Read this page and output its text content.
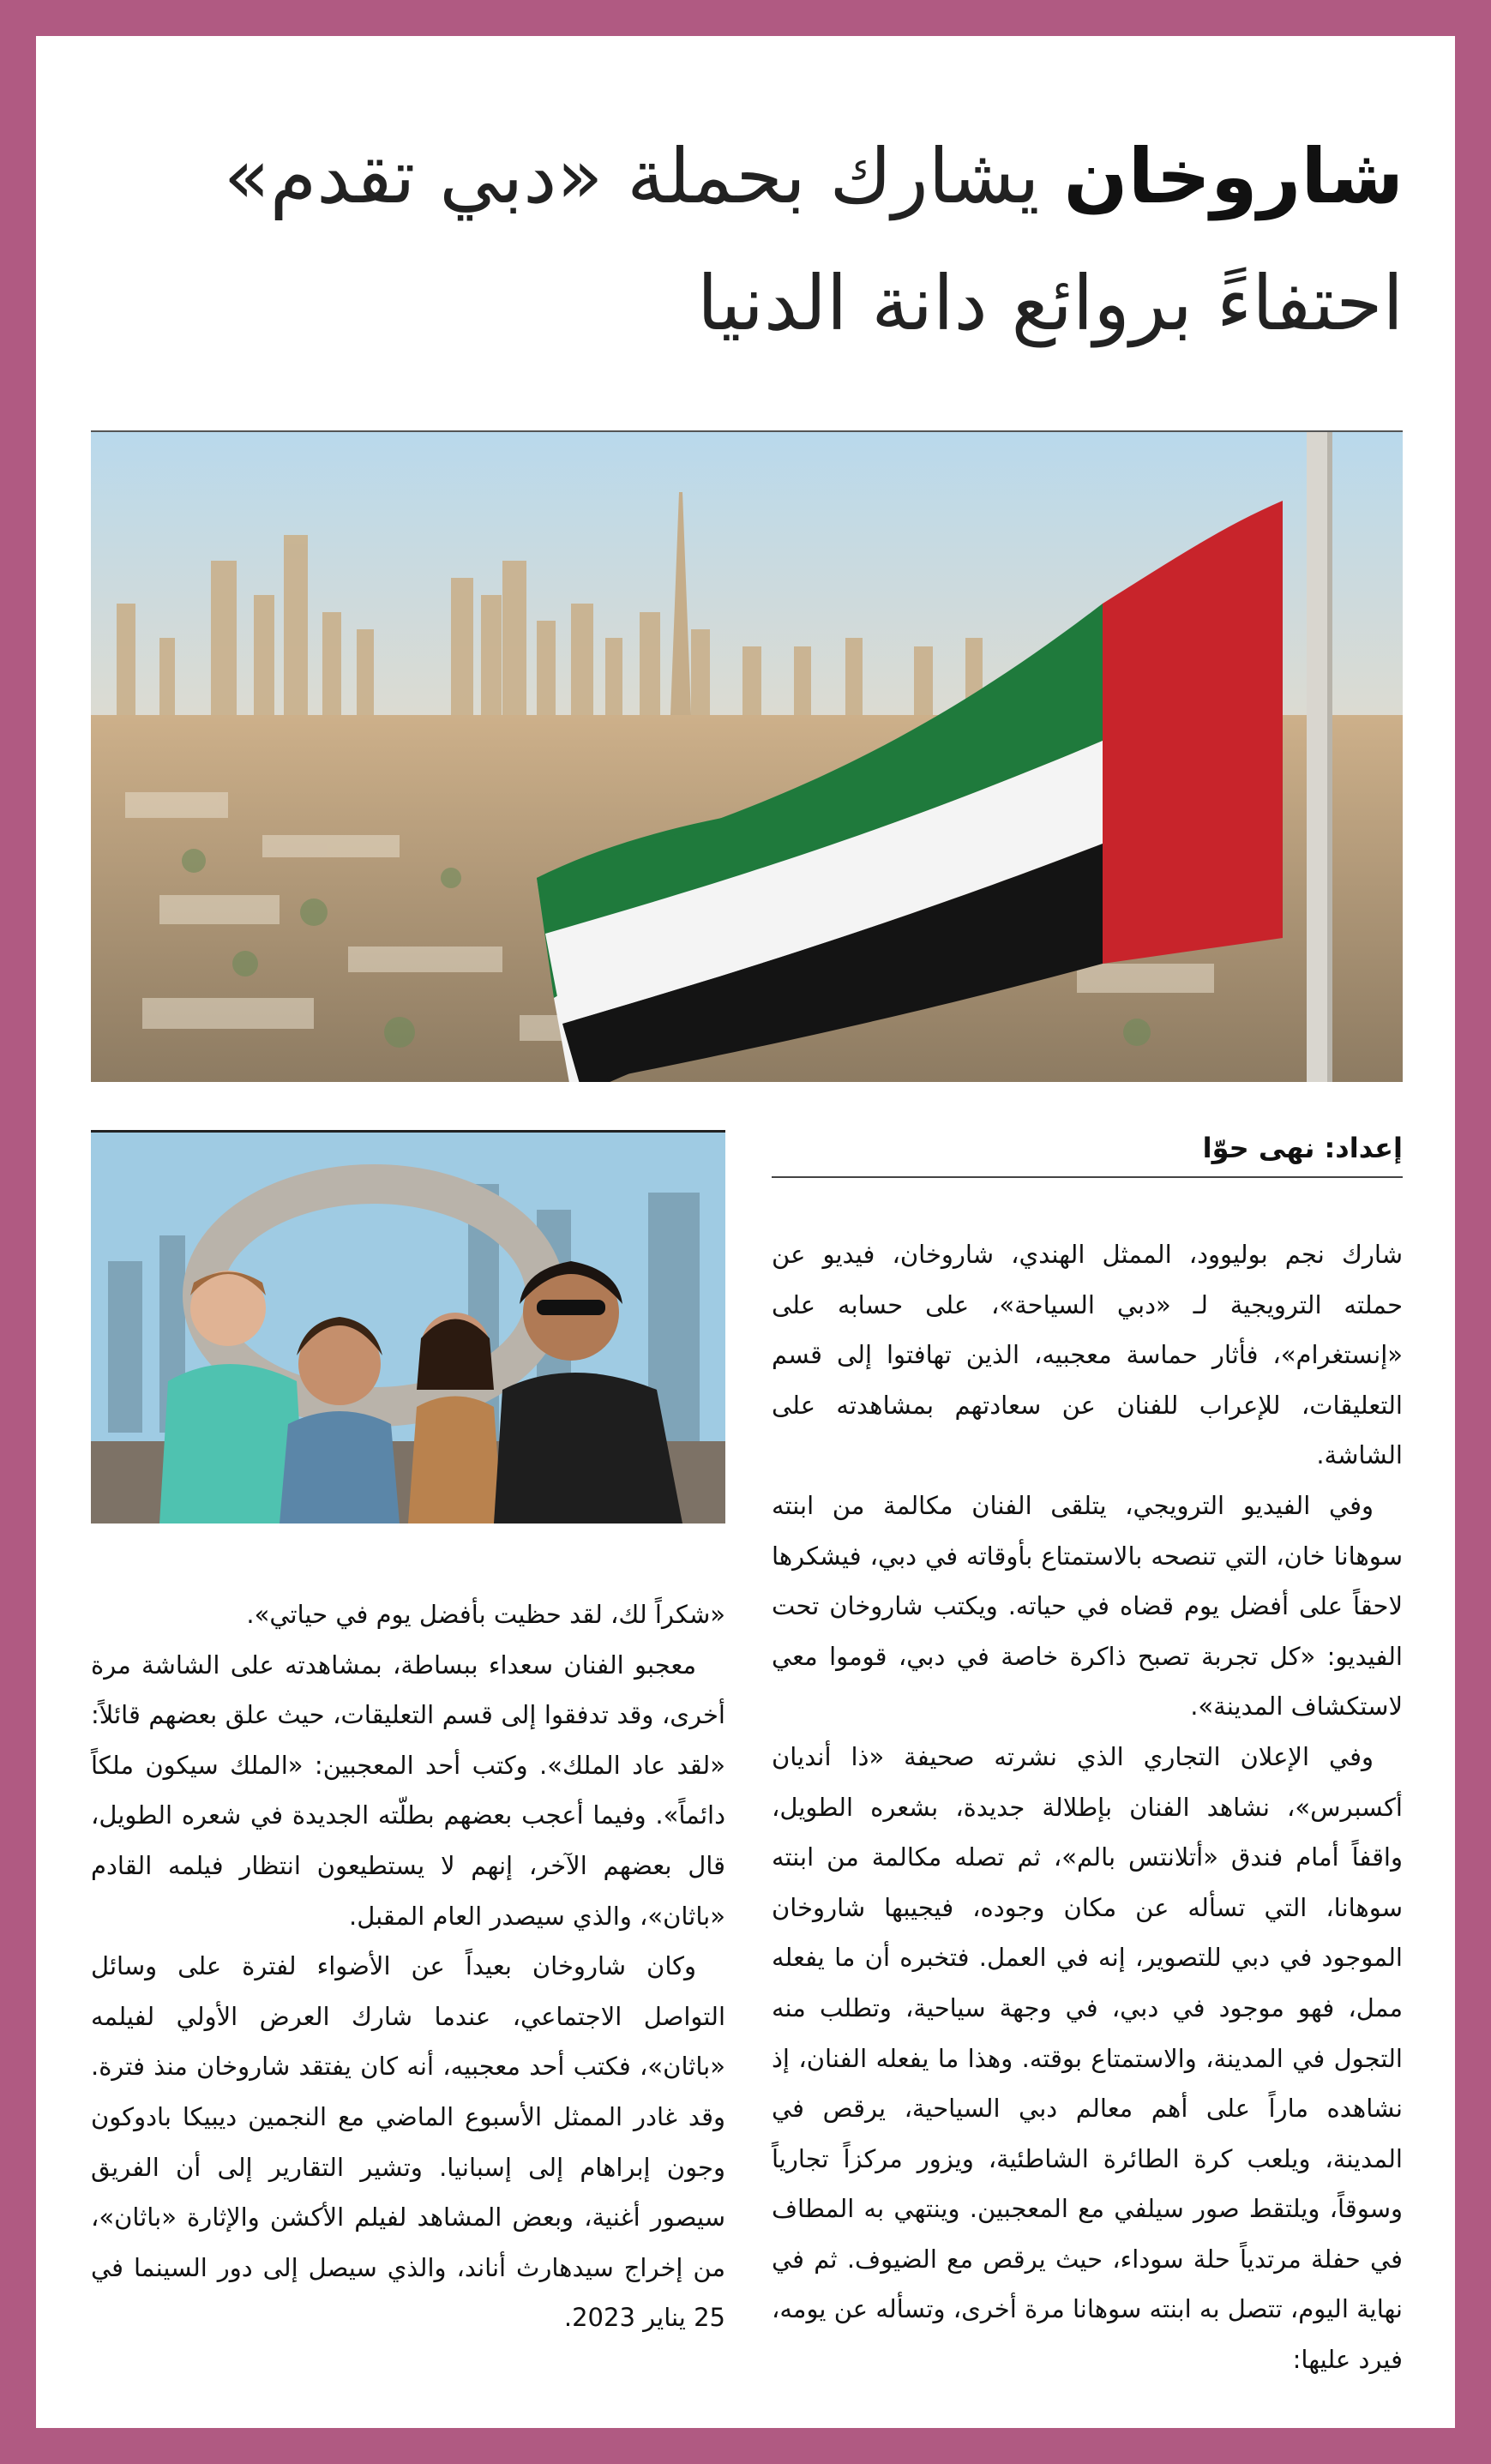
شاروخان يشارك بحملة «دبي تقدم» احتفاءً بروائع دانة الدنيا
إعداد: نهى حوّا

شارك نجم بوليوود، الممثل الهندي، شاروخان، فيديو عن حملته الترويجية لـ «دبي السياحة»، على حسابه على «إنستغرام»، فأثار حماسة معجبيه، الذين تهافتوا إلى قسم التعليقات، للإعراب للفنان عن سعادتهم بمشاهدته على الشاشة.

وفي الفيديو الترويجي، يتلقى الفنان مكالمة من ابنته سوهانا خان، التي تنصحه بالاستمتاع بأوقاته في دبي، فيشكرها لاحقاً على أفضل يوم قضاه في حياته. ويكتب شاروخان تحت الفيديو: «كل تجربة تصبح ذاكرة خاصة في دبي، قوموا معي لاستكشاف المدينة».

وفي الإعلان التجاري الذي نشرته صحيفة «ذا أنديان أكسبرس»، نشاهد الفنان بإطلالة جديدة، بشعره الطويل، واقفاً أمام فندق «أتلانتس بالم»، ثم تصله مكالمة من ابنته سوهانا، التي تسأله عن مكان وجوده، فيجيبها شاروخان الموجود في دبي للتصوير، إنه في العمل. فتخبره أن ما يفعله ممل، فهو موجود في دبي، في وجهة سياحية، وتطلب منه التجول في المدينة، والاستمتاع بوقته. وهذا ما يفعله الفنان، إذ نشاهده ماراً على أهم معالم دبي السياحية، يرقص في المدينة، ويلعب كرة الطائرة الشاطئية، ويزور مركزاً تجارياً وسوقاً، ويلتقط صور سيلفي مع المعجبين. وينتهي به المطاف في حفلة مرتدياً حلة سوداء، حيث يرقص مع الضيوف. ثم في نهاية اليوم، تتصل به ابنته سوهانا مرة أخرى، وتسأله عن يومه، فيرد عليها:

«شكراً لك، لقد حظيت بأفضل يوم في حياتي».

معجبو الفنان سعداء ببساطة، بمشاهدته على الشاشة مرة أخرى، وقد تدفقوا إلى قسم التعليقات، حيث علق بعضهم قائلاً: «لقد عاد الملك». وكتب أحد المعجبين: «الملك سيكون ملكاً دائماً». وفيما أعجب بعضهم بطلّته الجديدة في شعره الطويل، قال بعضهم الآخر، إنهم لا يستطيعون انتظار فيلمه القادم «باثان»، والذي سيصدر العام المقبل.

وكان شاروخان بعيداً عن الأضواء لفترة على وسائل التواصل الاجتماعي، عندما شارك العرض الأولي لفيلمه «باثان»، فكتب أحد معجبيه، أنه كان يفتقد شاروخان منذ فترة. وقد غادر الممثل الأسبوع الماضي مع النجمين ديبيكا بادوكون وجون إبراهام إلى إسبانيا. وتشير التقارير إلى أن الفريق سيصور أغنية، وبعض المشاهد لفيلم الأكشن والإثارة «باثان»، من إخراج سيدهارث أناند، والذي سيصل إلى دور السينما في 25 يناير 2023.
